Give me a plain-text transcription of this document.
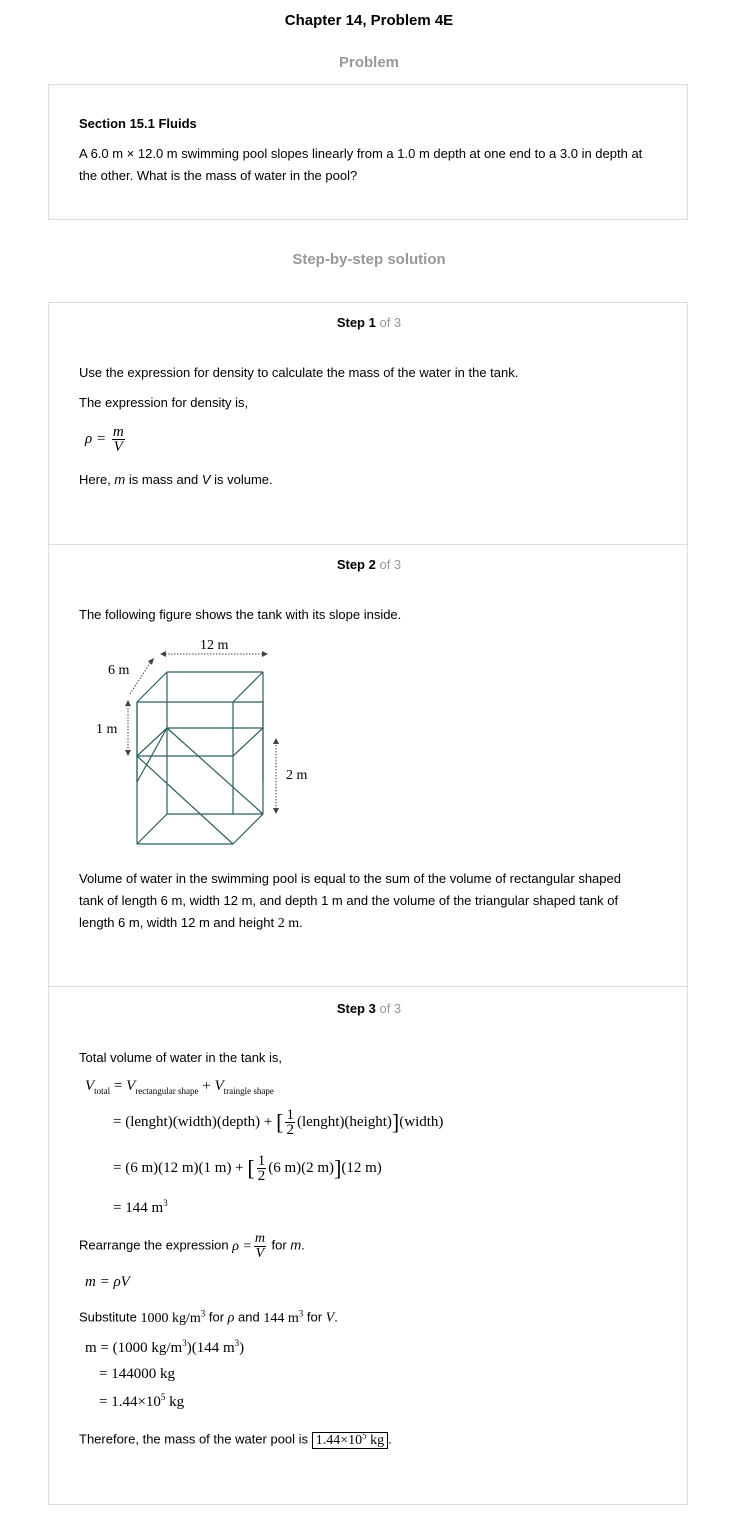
Chapter 14, Problem 4E
Problem
Section 15.1 Fluids
A 6.0 m × 12.0 m swimming pool slopes linearly from a 1.0 m depth at one end to a 3.0 in depth at the other. What is the mass of water in the pool?
Step-by-step solution
Step 1 of 3
Use the expression for density to calculate the mass of the water in the tank.
The expression for density is,
$\rho = \frac{m}{V}$
Here, m is mass and V is volume.
Step 2 of 3
The following figure shows the tank with its slope inside.
12 m
6 m
1 m
2 m
Volume of water in the swimming pool is equal to the sum of the volume of rectangular shaped tank of length 6 m, width 12 m, and depth 1 m and the volume of the triangular shaped tank of length 6 m, width 12 m and height 2 m.
Step 3 of 3
Total volume of water in the tank is,
$V_{total} = V_{rectangular shape} + V_{traingle shape}$
= (lenght)(width)(depth) + [ $\frac{1}{2}$ (lenght)(height)](width)
= (6 m)(12 m)(1 m) + [ $\frac{1}{2} (6$ m)(2 m)](12 m)
= 144 $m^3$
Rearrange the expression $\rho = \frac{m}{V}$ for m.
m = ρV
Substitute 1000 $kg/m^3$ for ρ and 144 $m^3$ for V.
m = (1000 $kg/m^3)(144$ $m^3$)
= 144000 kg
= $1.44\times 10^5$ kg
Therefore, the mass of the water pool is $1.44\times 10^5$ kg .
